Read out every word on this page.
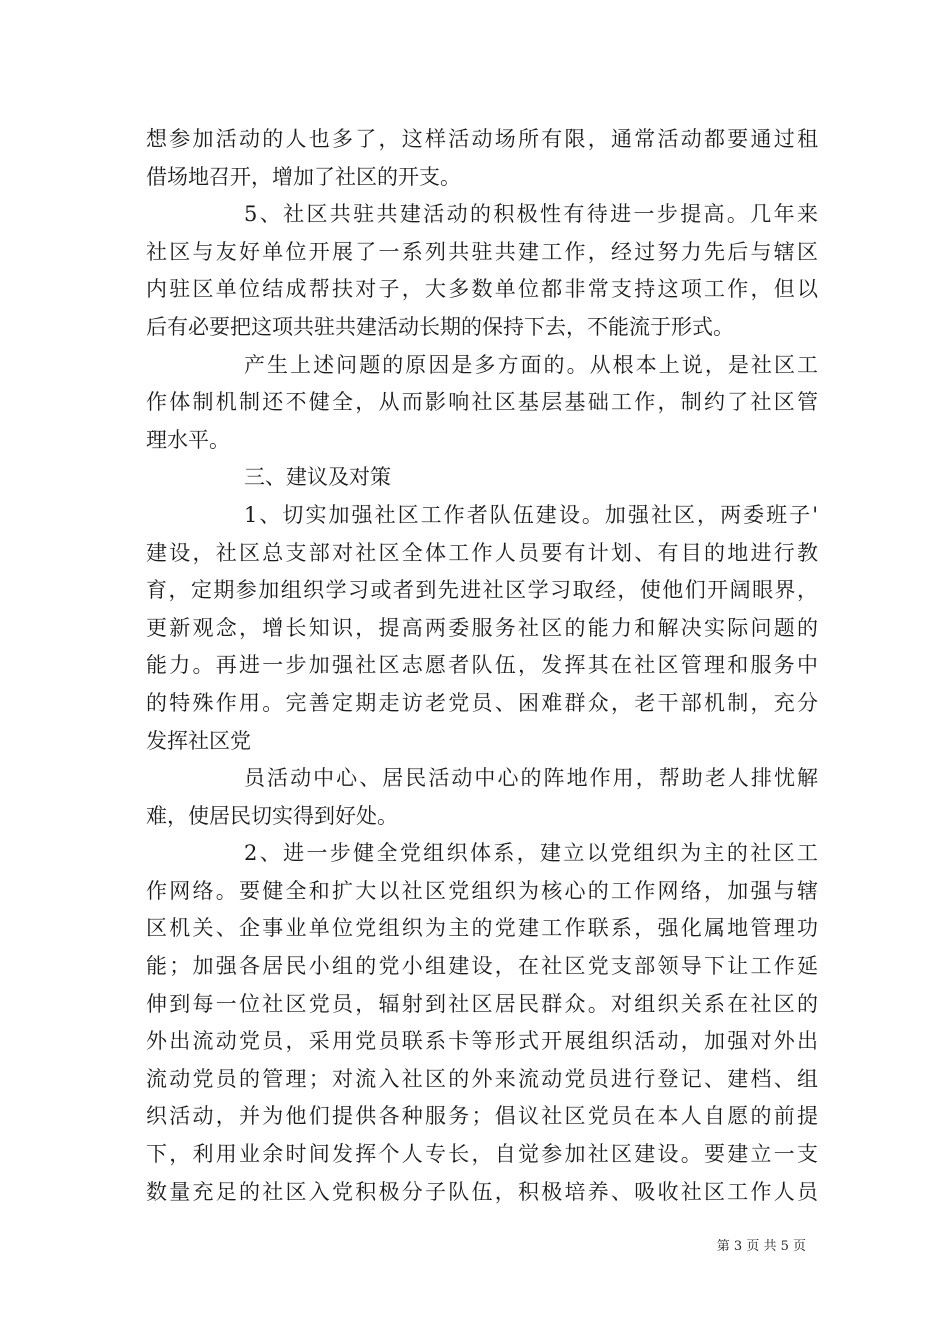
想参加活动的人也多了，这样活动场所有限，通常活动都要通过租
借场地召开，增加了社区的开支。
5、社区共驻共建活动的积极性有待进一步提高。几年来
社区与友好单位开展了一系列共驻共建工作，经过努力先后与辖区
内驻区单位结成帮扶对子，大多数单位都非常支持这项工作，但以
后有必要把这项共驻共建活动长期的保持下去，不能流于形式。
产生上述问题的原因是多方面的。从根本上说，是社区工
作体制机制还不健全，从而影响社区基层基础工作，制约了社区管
理水平。
三、建议及对策
1、切实加强社区工作者队伍建设。加强社区，两委班子'
建设，社区总支部对社区全体工作人员要有计划、有目的地进行教
育，定期参加组织学习或者到先进社区学习取经，使他们开阔眼界，
更新观念，增长知识，提高两委服务社区的能力和解决实际问题的
能力。再进一步加强社区志愿者队伍，发挥其在社区管理和服务中
的特殊作用。完善定期走访老党员、困难群众，老干部机制，充分
发挥社区党
员活动中心、居民活动中心的阵地作用，帮助老人排忧解
难，使居民切实得到好处。
2、进一步健全党组织体系，建立以党组织为主的社区工
作网络。要健全和扩大以社区党组织为核心的工作网络，加强与辖
区机关、企事业单位党组织为主的党建工作联系，强化属地管理功
能；加强各居民小组的党小组建设，在社区党支部领导下让工作延
伸到每一位社区党员，辐射到社区居民群众。对组织关系在社区的
外出流动党员，采用党员联系卡等形式开展组织活动，加强对外出
流动党员的管理；对流入社区的外来流动党员进行登记、建档、组
织活动，并为他们提供各种服务；倡议社区党员在本人自愿的前提
下，利用业余时间发挥个人专长，自觉参加社区建设。要建立一支
数量充足的社区入党积极分子队伍，积极培养、吸收社区工作人员
第 3 页 共 5 页
